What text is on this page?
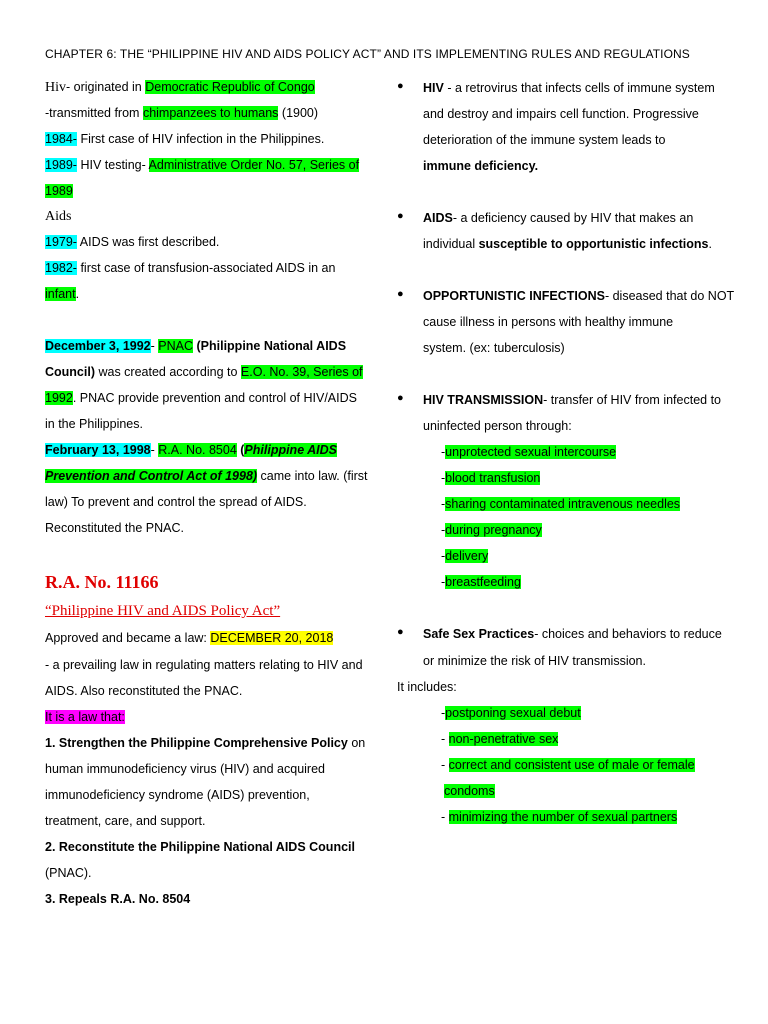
CHAPTER 6: THE “PHILIPPINE HIV AND AIDS POLICY ACT” AND ITS IMPLEMENTING RULES AND REGULATIONS
Hiv- originated in Democratic Republic of Congo
-transmitted from chimpanzees to humans (1900)
1984- First case of HIV infection in the Philippines.
1989- HIV testing- Administrative Order No. 57, Series of
1989
Aids
1979- AIDS was first described.
1982- first case of transfusion-associated AIDS in an
infant.
December 3, 1992- PNAC (Philippine National AIDS
Council) was created according to E.O. No. 39, Series of
1992. PNAC provide prevention and control of HIV/AIDS
in the Philippines.
February 13, 1998- R.A. No. 8504 (Philippine AIDS
Prevention and Control Act of 1998) came into law. (first
law) To prevent and control the spread of AIDS.
Reconstituted the PNAC.
R.A. No. 11166
“Philippine HIV and AIDS Policy Act”
Approved and became a law: DECEMBER 20, 2018
- a prevailing law in regulating matters relating to HIV and
AIDS. Also reconstituted the PNAC.
It is a law that:
1. Strengthen the Philippine Comprehensive Policy on
human immunodeficiency virus (HIV) and acquired
immunodeficiency syndrome (AIDS) prevention,
treatment, care, and support.
2. Reconstitute the Philippine National AIDS Council
(PNAC).
3. Repeals R.A. No. 8504
● HIV - a retrovirus that infects cells of immune system
and destroy and impairs cell function. Progressive
deterioration of the immune system leads to
immune deficiency.
● AIDS- a deficiency caused by HIV that makes an
individual susceptible to opportunistic infections.
● OPPORTUNISTIC INFECTIONS- diseased that do NOT
cause illness in persons with healthy immune
system. (ex: tuberculosis)
● HIV TRANSMISSION- transfer of HIV from infected to
uninfected person through:
-unprotected sexual intercourse
-blood transfusion
-sharing contaminated intravenous needles
-during pregnancy
-delivery
-breastfeeding
● Safe Sex Practices- choices and behaviors to reduce
or minimize the risk of HIV transmission.
It includes:
-postponing sexual debut
- non-penetrative sex
- correct and consistent use of male or female
condoms
- minimizing the number of sexual partners
